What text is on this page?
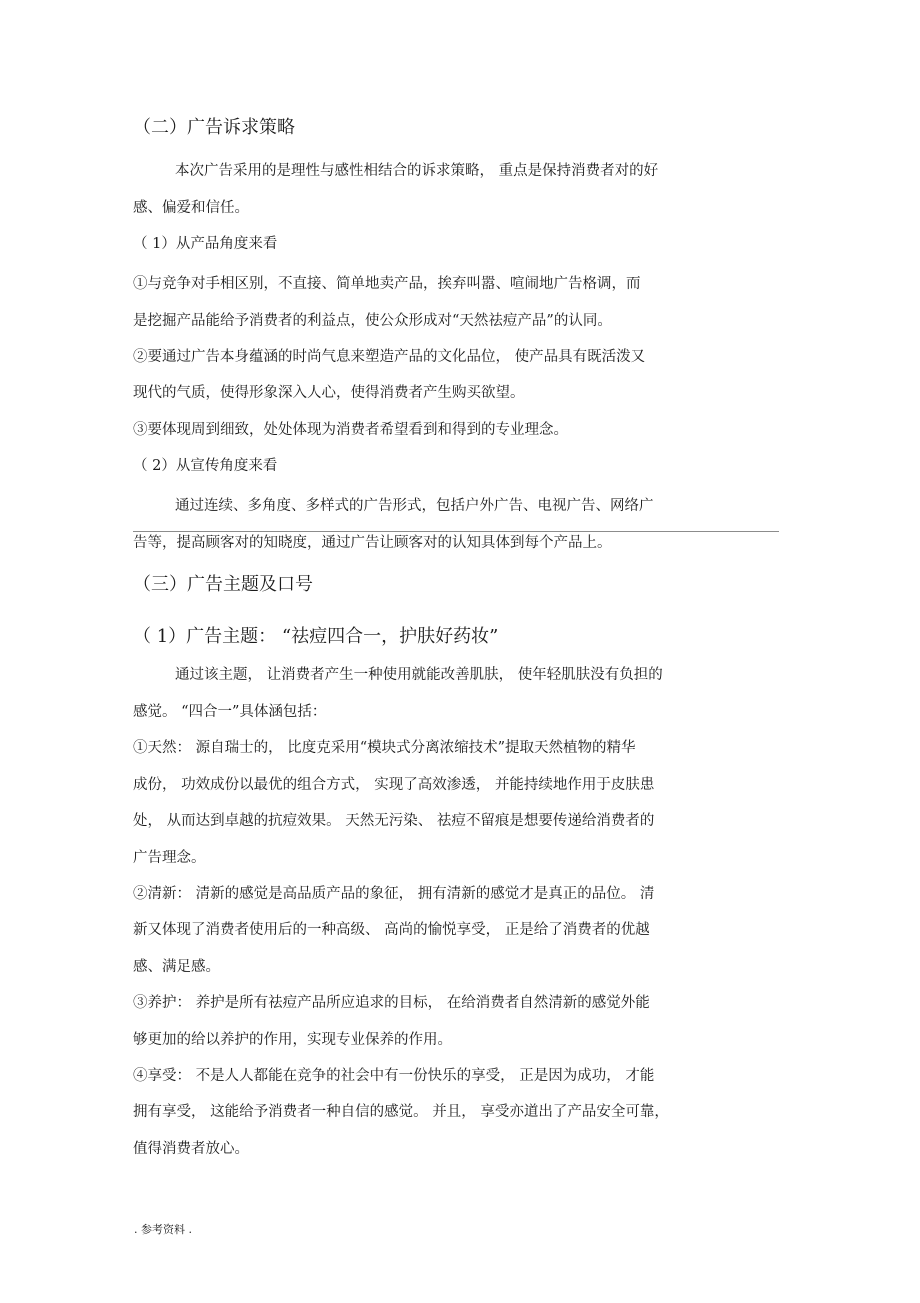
（二）广告诉求策略
本次广告采用的是理性与感性相结合的诉求策略， 重点是保持消费者对的好
感、偏爱和信任。
（ 1）从产品角度来看
①与竞争对手相区别，不直接、简单地卖产品，挨弃叫嚣、喧闹地广告格调，而
是挖掘产品能给予消费者的利益点，使公众形成对“天然祛痘产品”的认同。
②要通过广告本身蕴涵的时尚气息来塑造产品的文化品位， 使产品具有既活泼又
现代的气质，使得形象深入人心，使得消费者产生购买欲望。
③要体现周到细致，处处体现为消费者希望看到和得到的专业理念。
（ 2）从宣传角度来看
通过连续、多角度、多样式的广告形式，包括户外广告、电视广告、网络广
告等，提高顾客对的知晓度，通过广告让顾客对的认知具体到每个产品上。
（三）广告主题及口号
（ 1）广告主题： “祛痘四合一，护肤好药妆”
通过该主题， 让消费者产生一种使用就能改善肌肤， 使年轻肌肤没有负担的
感觉。 “四合一”具体涵包括：
①天然： 源自瑞士的， 比度克采用“模块式分离浓缩技术”提取天然植物的精华
成份， 功效成份以最优的组合方式， 实现了高效渗透， 并能持续地作用于皮肤患
处， 从而达到卓越的抗痘效果。 天然无污染、 祛痘不留痕是想要传递给消费者的
广告理念。
②清新： 清新的感觉是高品质产品的象征， 拥有清新的感觉才是真正的品位。 清
新又体现了消费者使用后的一种高级、 高尚的愉悦享受， 正是给了消费者的优越
感、满足感。
③养护： 养护是所有祛痘产品所应追求的目标， 在给消费者自然清新的感觉外能
够更加的给以养护的作用，实现专业保养的作用。
④享受： 不是人人都能在竞争的社会中有一份快乐的享受， 正是因为成功， 才能
拥有享受， 这能给予消费者一种自信的感觉。 并且， 享受亦道出了产品安全可靠，
值得消费者放心。
. 参考资料 .
